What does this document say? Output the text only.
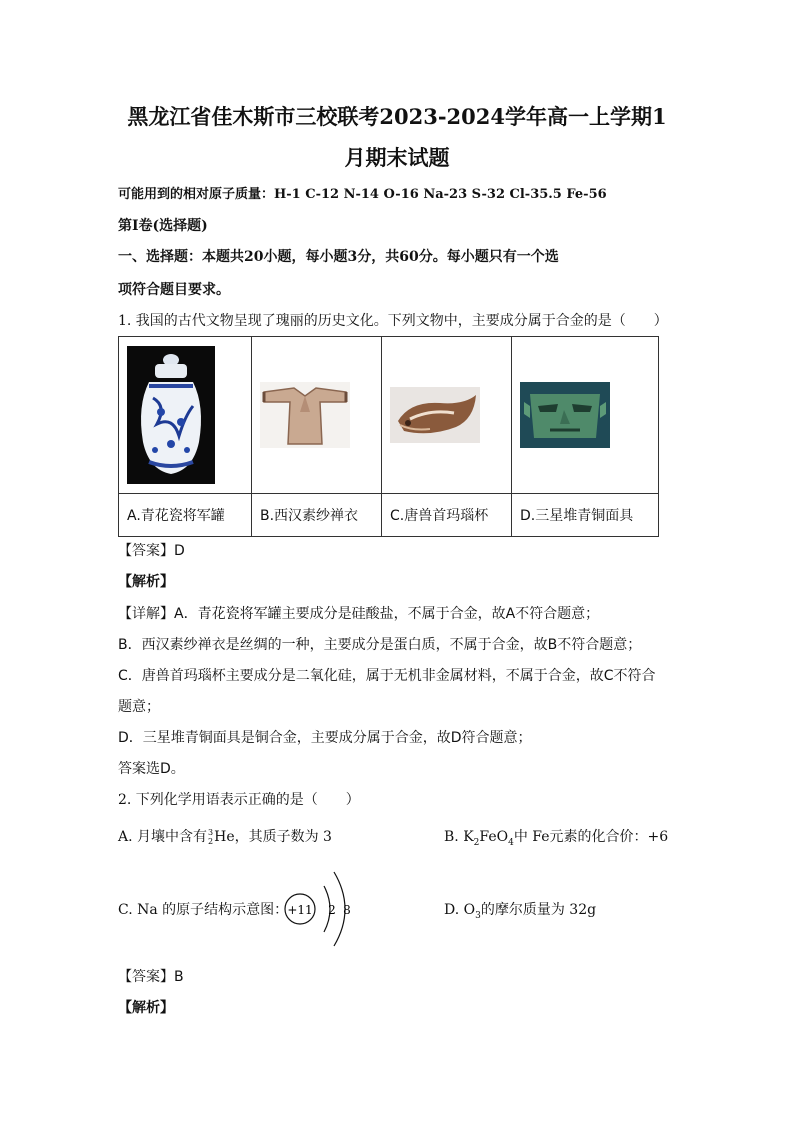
黑龙江省佳木斯市三校联考2023-2024学年高一上学期1
月期末试题
可能用到的相对原子质量：H-1 C-12 N-14 O-16 Na-23 S-32 Cl-35.5 Fe-56
第Ⅰ卷(选择题)
一、选择题：本题共20小题，每小题3分，共60分。每小题只有一个选
项符合题目要求。
1. 我国的古代文物呈现了瑰丽的历史文化。下列文物中，主要成分属于合金的是（　　）

A.青花瓷将军罐	B.西汉素纱禅衣	C.唐兽首玛瑙杯	D.三星堆青铜面具
【答案】D
【解析】
【详解】A．青花瓷将军罐主要成分是硅酸盐，不属于合金，故A不符合题意；
B．西汉素纱禅衣是丝绸的一种，主要成分是蛋白质，不属于合金，故B不符合题意；
C．唐兽首玛瑙杯主要成分是二氧化硅，属于无机非金属材料，不属于合金，故C不符合
题意；
D．三星堆青铜面具是铜合金，主要成分属于合金，故D符合题意；
答案选D。
2. 下列化学用语表示正确的是（　　）
A. 月壤中含有 3
2 He，其质子数为 3	B. $K_2FeO_4$中 Fe元素的化合价：+6
C. Na 的原子结构示意图： +11 2 8	D. $O_3$的摩尔质量为 32g
【答案】B
【解析】
